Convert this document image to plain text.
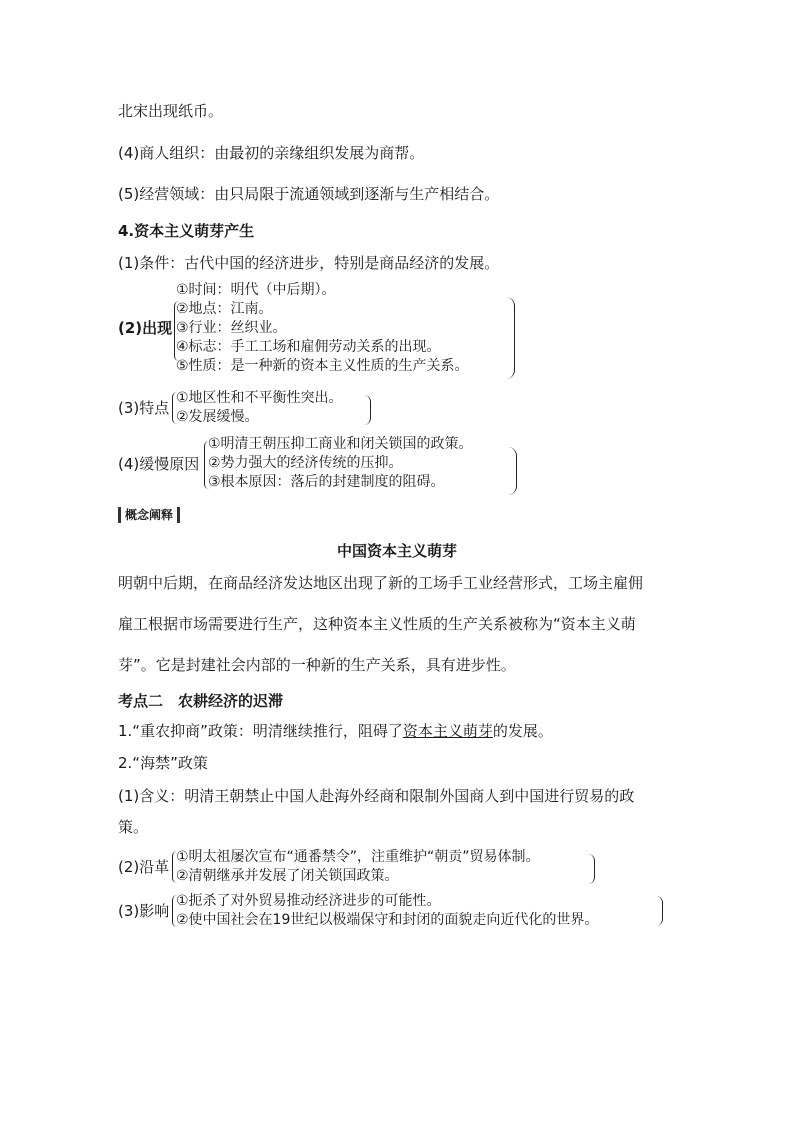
北宋出现纸币。
(4)商人组织：由最初的亲缘组织发展为商帮。
(5)经营领域：由只局限于流通领域到逐渐与生产相结合。
4.资本主义萌芽产生
(1)条件：古代中国的经济进步，特别是商品经济的发展。
(2)出现
①时间：明代（中后期）。
②地点：江南。
③行业：丝织业。
④标志：手工工场和雇佣劳动关系的出现。
⑤性质：是一种新的资本主义性质的生产关系。
(3)特点
①地区性和不平衡性突出。
②发展缓慢。
(4)缓慢原因
①明清王朝压抑工商业和闭关锁国的政策。
②势力强大的经济传统的压抑。
③根本原因：落后的封建制度的阻碍。
概念阐释
中国资本主义萌芽
明朝中后期，在商品经济发达地区出现了新的工场手工业经营形式，工场主雇佣
雇工根据市场需要进行生产，这种资本主义性质的生产关系被称为“资本主义萌
芽”。它是封建社会内部的一种新的生产关系，具有进步性。
考点二　农耕经济的迟滞
1.“重农抑商”政策：明清继续推行，阻碍了资本主义萌芽的发展。
2.“海禁”政策
(1)含义：明清王朝禁止中国人赴海外经商和限制外国商人到中国进行贸易的政
策。
(2)沿革
①明太祖屡次宣布“通番禁令”，注重维护“朝贡”贸易体制。
②清朝继承并发展了闭关锁国政策。
(3)影响
①扼杀了对外贸易推动经济进步的可能性。
②使中国社会在19世纪以极端保守和封闭的面貌走向近代化的世界。
